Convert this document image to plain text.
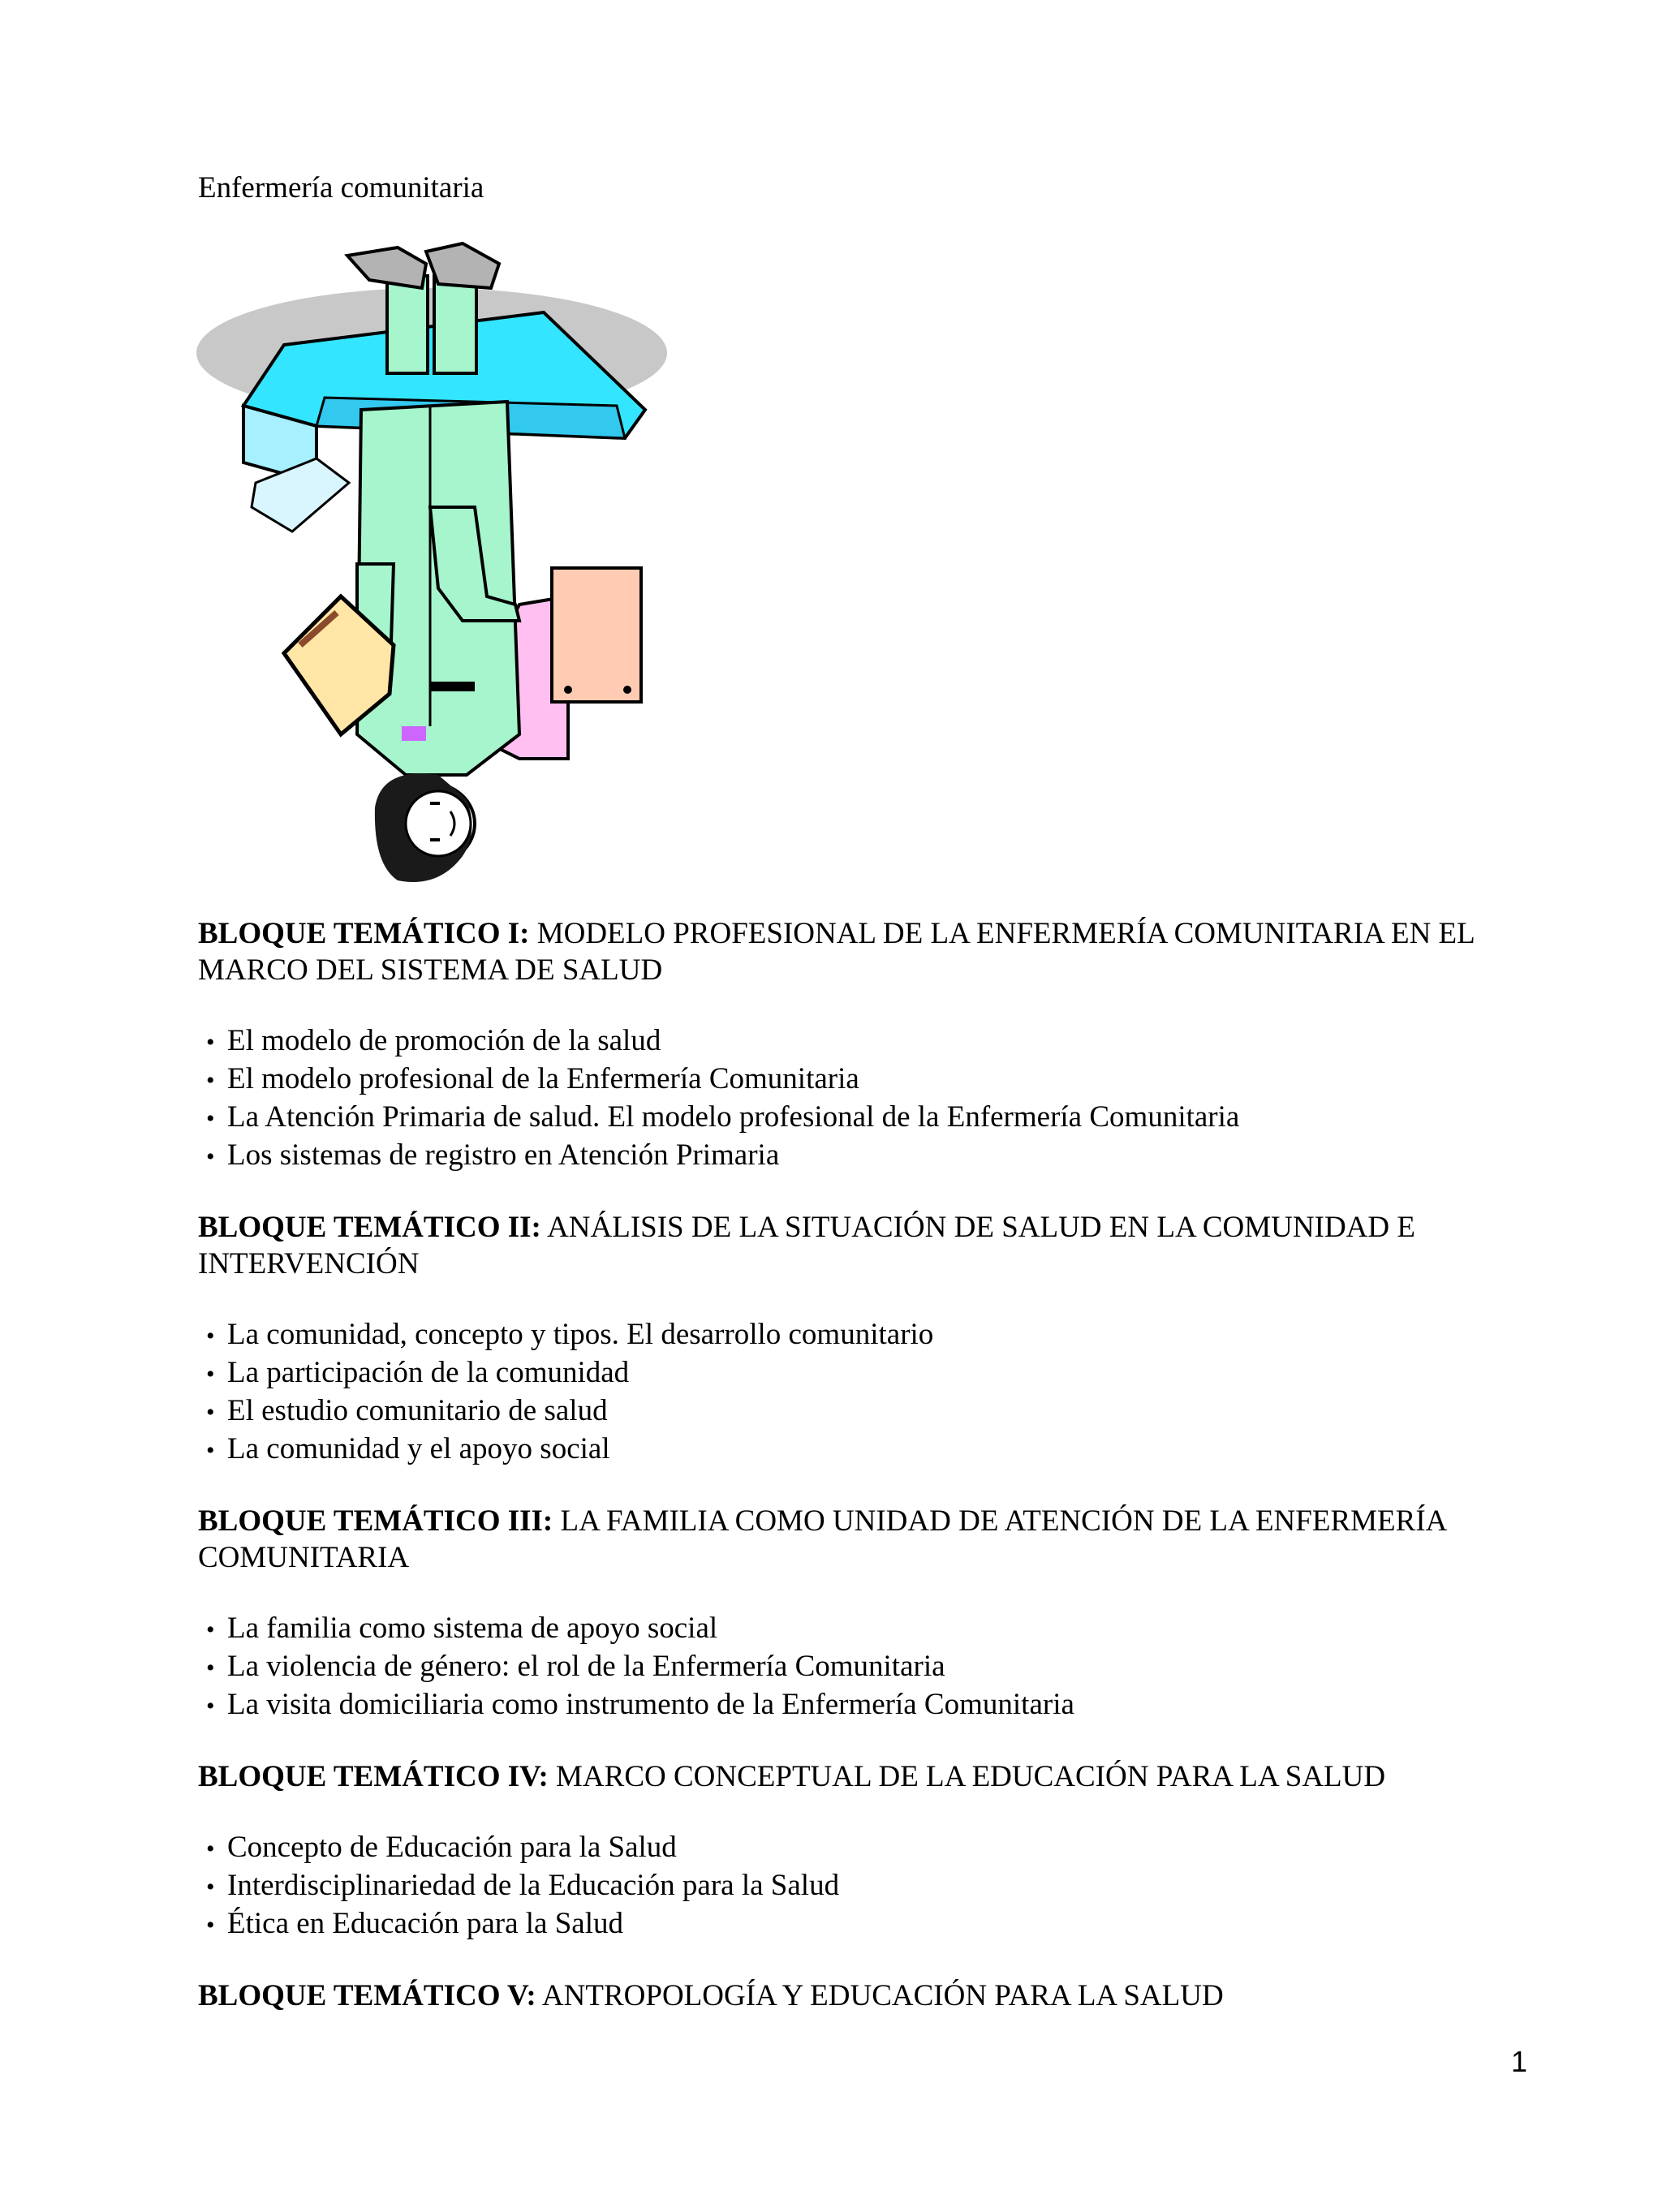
Enfermería comunitaria

BLOQUE TEMÁTICO I: MODELO PROFESIONAL DE LA ENFERMERÍA COMUNITARIA EN EL MARCO DEL SISTEMA DE SALUD

• El modelo de promoción de la salud
• El modelo profesional de la Enfermería Comunitaria
• La Atención Primaria de salud. El modelo profesional de la Enfermería Comunitaria
• Los sistemas de registro en Atención Primaria

BLOQUE TEMÁTICO II: ANÁLISIS DE LA SITUACIÓN DE SALUD EN LA COMUNIDAD E INTERVENCIÓN

• La comunidad, concepto y tipos. El desarrollo comunitario
• La participación de la comunidad
• El estudio comunitario de salud
• La comunidad y el apoyo social

BLOQUE TEMÁTICO III: LA FAMILIA COMO UNIDAD DE ATENCIÓN DE LA ENFERMERÍA COMUNITARIA

• La familia como sistema de apoyo social
• La violencia de género: el rol de la Enfermería Comunitaria
• La visita domiciliaria como instrumento de la Enfermería Comunitaria

BLOQUE TEMÁTICO IV: MARCO CONCEPTUAL DE LA EDUCACIÓN PARA LA SALUD

• Concepto de Educación para la Salud
• Interdisciplinariedad de la Educación para la Salud
• Ética en Educación para la Salud

BLOQUE TEMÁTICO V: ANTROPOLOGÍA Y EDUCACIÓN PARA LA SALUD

1
